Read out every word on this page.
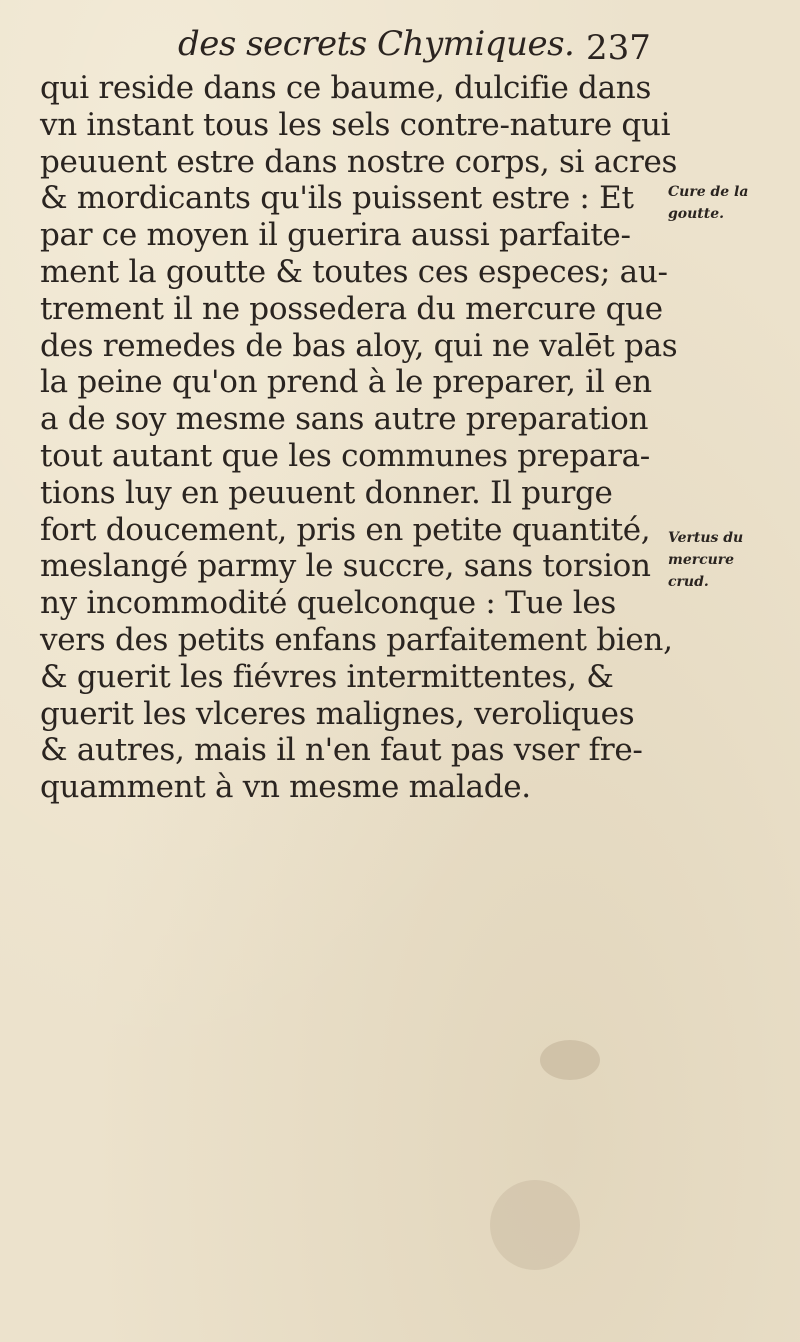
des secrets Chymiques. 237
qui reside dans ce baume, dulcifie dans
vn instant tous les sels contre-nature qui
peuuent estre dans nostre corps, si acres
& mordicants qu'ils puissent estre : Et
par ce moyen il guerira aussi parfaite-
ment la goutte & toutes ces especes; au-
trement il ne possedera du mercure que
des remedes de bas aloy, qui ne valēt pas
la peine qu'on prend à le preparer, il en
a de soy mesme sans autre preparation
tout autant que les communes prepara-
tions luy en peuuent donner. Il purge
fort doucement, pris en petite quantité,
meslangé parmy le succre, sans torsion
ny incommodité quelconque : Tue les
vers des petits enfans parfaitement bien,
& guerit les fiévres intermittentes, &
guerit les vlceres malignes, veroliques
& autres, mais il n'en faut pas vser fre-
quamment à vn mesme malade.
Cure de la
goutte.
Vertus du
mercure
crud.
